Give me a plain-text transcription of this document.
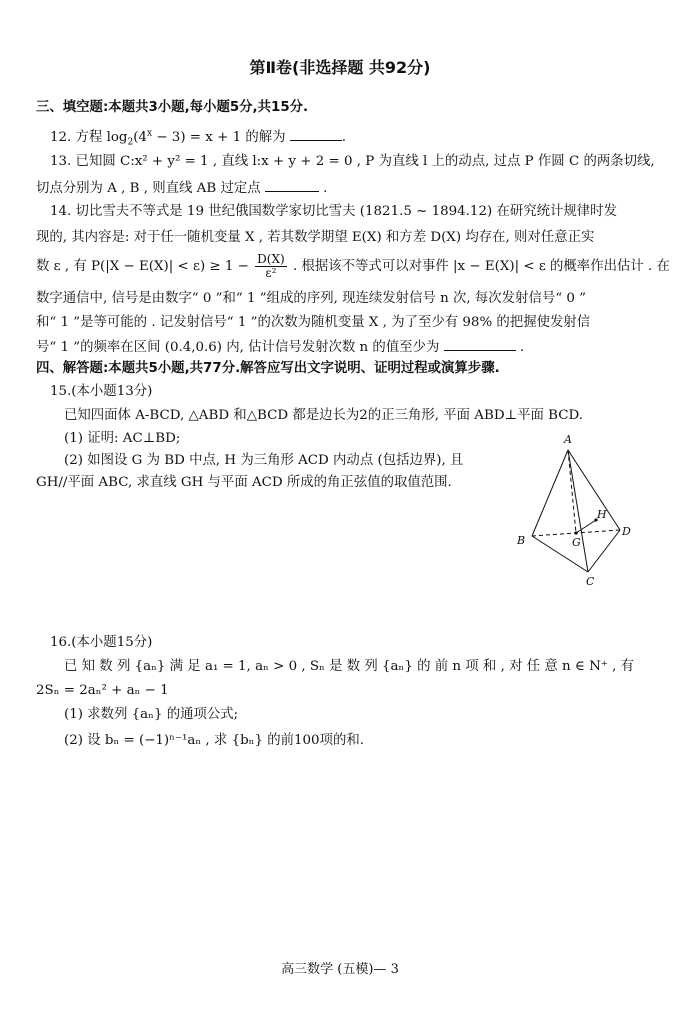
第Ⅱ卷(非选择题 共92分)
三、填空题:本题共3小题,每小题5分,共15分.
12. 方程 $\log_2(4^x - 3) = x + 1$ 的解为	.
13. 已知圆 C:x² + y² = 1 , 直线 l:x + y + 2 = 0 , P 为直线 l 上的动点, 过点 P 作圆 C 的两条切线,
切点分别为 A , B , 则直线 AB 过定点	.
14. 切比雪夫不等式是 19 世纪俄国数学家切比雪夫 (1821.5 ~ 1894.12) 在研究统计规律时发
现的, 其内容是: 对于任一随机变量 X , 若其数学期望 E(X) 和方差 D(X) 均存在, 则对任意正实
数 ε , 有 $P(|X - E(X)| < \varepsilon) \ge 1 - \frac{D(X)}{\text{ε²}}$ . 根据该不等式可以对事件 |x − E(X)| < ε 的概率作出估计 . 在
数字通信中, 信号是由数字“ 0 ”和“ 1 ”组成的序列, 现连续发射信号 n 次, 每次发射信号“ 0 ”
和“ 1 ”是等可能的 . 记发射信号“ 1 ”的次数为随机变量 X , 为了至少有 98% 的把握使发射信
号“ 1 ”的频率在区间 (0.4,0.6) 内, 估计信号发射次数 n 的值至少为	.
四、解答题:本题共5小题,共77分.解答应写出文字说明、证明过程或演算步骤.
15.(本小题13分)
已知四面体 A-BCD, △ABD 和△BCD 都是边长为2的正三角形, 平面 ABD⊥平面 BCD.
(1) 证明: AC⊥BD;
(2) 如图设 G 为 BD 中点, H 为三角形 ACD 内动点 (包括边界), 且
GH//平面 ABC, 求直线 GH 与平面 ACD 所成的角正弦值的取值范围.
A
B
C
D
G
H
16.(本小题15分)
已 知 数 列 {aₙ} 满 足 a₁ = 1, aₙ > 0 , Sₙ 是 数 列 {aₙ} 的 前 n 项 和 , 对 任 意 n ∈ N⁺ , 有
2Sₙ = 2aₙ² + aₙ − 1
(1) 求数列 {aₙ} 的通项公式;
(2) 设 bₙ = (−1)ⁿ⁻¹aₙ , 求 {bₙ} 的前100项的和.
高三数学 (五模)— 3
